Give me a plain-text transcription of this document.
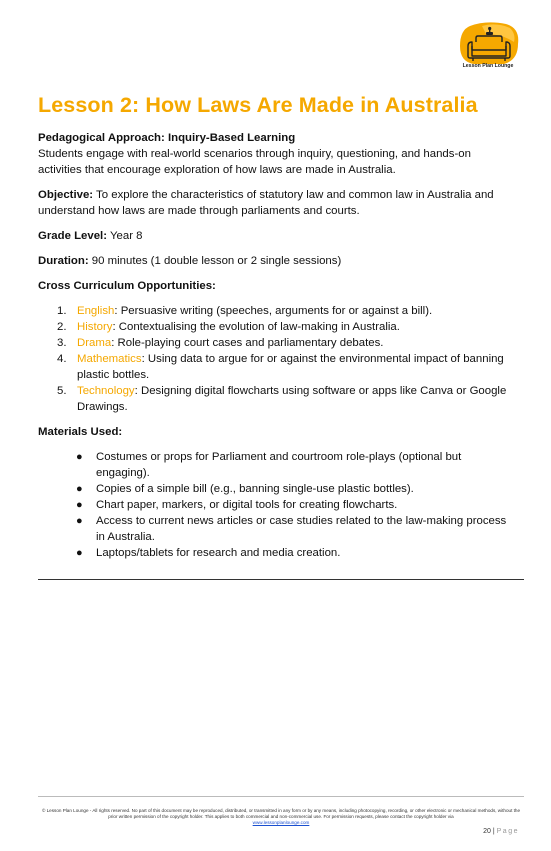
Lesson Plan Lounge
Lesson 2: How Laws Are Made in Australia

Pedagogical Approach: Inquiry-Based Learning

Students engage with real-world scenarios through inquiry, questioning, and hands-on activities that encourage exploration of how laws are made in Australia.

Objective: To explore the characteristics of statutory law and common law in Australia and understand how laws are made through parliaments and courts.

Grade Level: Year 8

Duration: 90 minutes (1 double lesson or 2 single sessions)

Cross Curriculum Opportunities:

1. English: Persuasive writing (speeches, arguments for or against a bill).
2. History: Contextualising the evolution of law-making in Australia.
3. Drama: Role-playing court cases and parliamentary debates.
4. Mathematics: Using data to argue for or against the environmental impact of banning plastic bottles.
5. Technology: Designing digital flowcharts using software or apps like Canva or Google Drawings.

Materials Used:

● Costumes or props for Parliament and courtroom role-plays (optional but engaging).
● Copies of a simple bill (e.g., banning single-use plastic bottles).
● Chart paper, markers, or digital tools for creating flowcharts.
● Access to current news articles or case studies related to the law-making process in Australia.
● Laptops/tablets for research and media creation.
© Lesson Plan Lounge - All rights reserved. No part of this document may be reproduced, distributed, or transmitted in any form or by any means, including photocopying, recording, or other electronic or mechanical methods, without the prior written permission of the copyright holder. This applies to both commercial and non-commercial use. For permission requests, please contact the copyright holder via
www.lessonplanlounge.com
20 | Page
